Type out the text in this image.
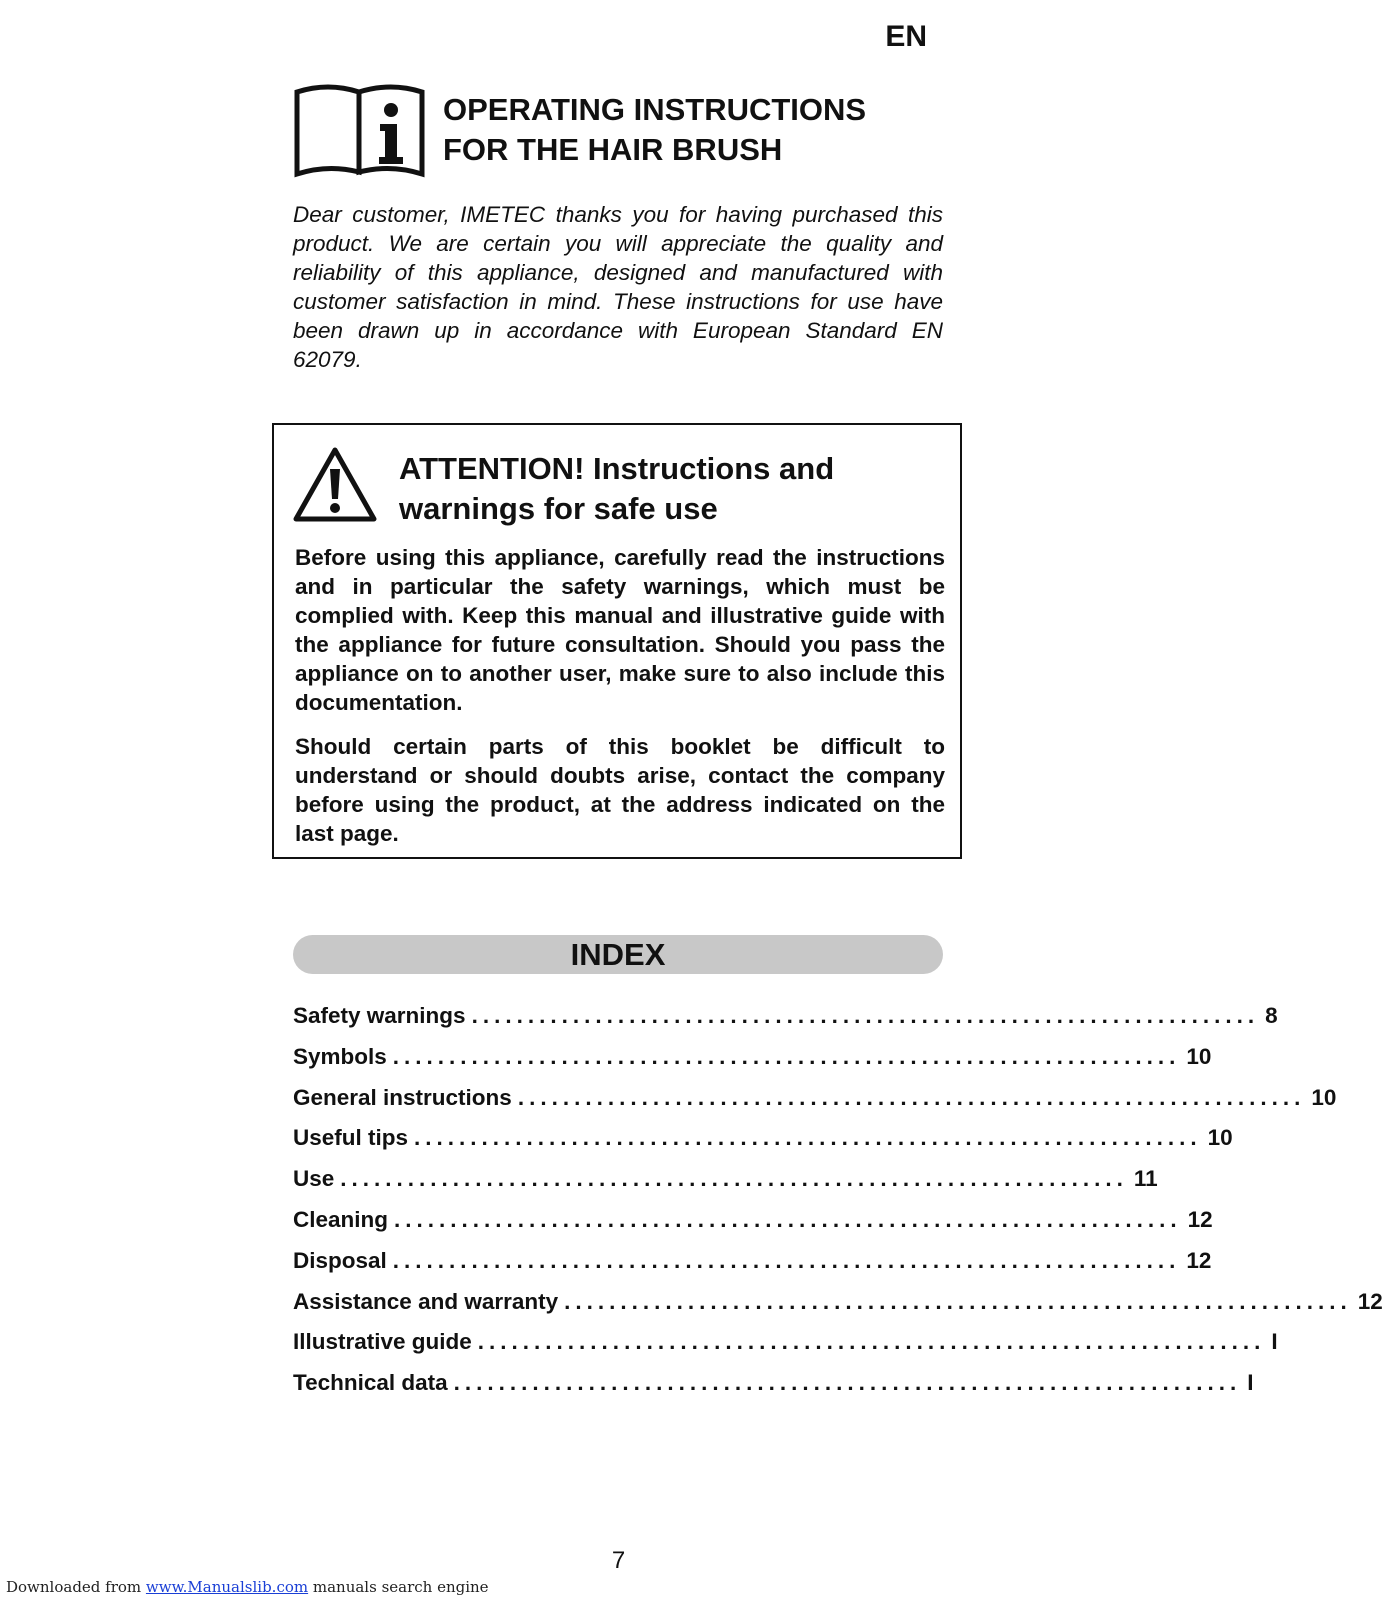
EN
OPERATING INSTRUCTIONS
FOR THE HAIR BRUSH
Dear customer, IMETEC thanks you for having purchased this product. We are certain you will appreciate the quality and reliability of this appliance, designed and manufactured with customer satisfaction in mind. These instructions for use have been drawn up in accordance with European Standard EN 62079.
ATTENTION! Instructions and
warnings for safe use

Before using this appliance, carefully read the instructions and in particular the safety warnings, which must be complied with. Keep this manual and illustrative guide with the appliance for future consultation. Should you pass the appliance on to another user, make sure to also include this documentation.

Should certain parts of this booklet be difficult to understand or should doubts arise, contact the company before using the product, at the address indicated on the last page.

INDEX
Safety warnings ...................................................................... 8
Symbols ...................................................................... 10
General instructions ...................................................................... 10
Useful tips ...................................................................... 10
Use ...................................................................... 11
Cleaning ...................................................................... 12
Disposal ...................................................................... 12
Assistance and warranty ...................................................................... 12
Illustrative guide ...................................................................... I
Technical data ...................................................................... I
7
Downloaded from www.Manualslib.com manuals search engine
